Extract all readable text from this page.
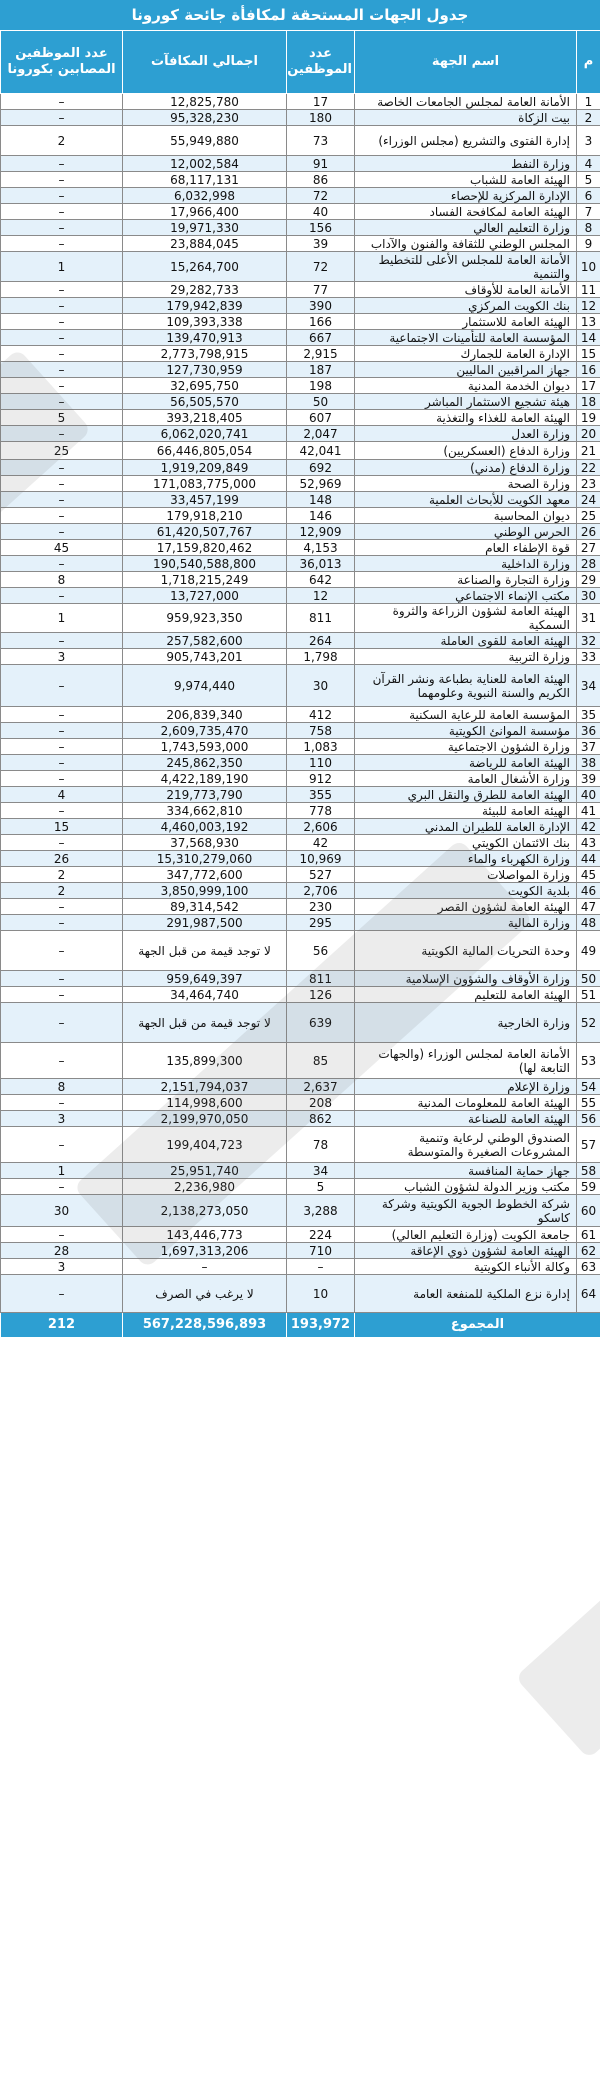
جدول الجهات المستحقة لمكافأة جائحة كورونا
م	اسم الجهة	عدد الموظفين	اجمالي المكافآت	عدد الموظفين المصابين بكورونا
1	الأمانة العامة لمجلس الجامعات الخاصة	17	12,825,780	–
2	بيت الزكاة	180	95,328,230	–
3	إدارة الفتوى والتشريع (مجلس الوزراء)	73	55,949,880	2
4	وزارة النفط	91	12,002,584	–
5	الهيئة العامة للشباب	86	68,117,131	–
6	الإدارة المركزية للإحصاء	72	6,032,998	–
7	الهيئة العامة لمكافحة الفساد	40	17,966,400	–
8	وزارة التعليم العالي	156	19,971,330	–
9	المجلس الوطني للثقافة والفنون والآداب	39	23,884,045	–
10	الأمانة العامة للمجلس الأعلى للتخطيط والتنمية	72	15,264,700	1
11	الأمانة العامة للأوقاف	77	29,282,733	–
12	بنك الكويت المركزي	390	179,942,839	–
13	الهيئة العامة للاستثمار	166	109,393,338	–
14	المؤسسة العامة للتأمينات الاجتماعية	667	139,470,913	–
15	الإدارة العامة للجمارك	2,915	2,773,798,915	–
16	جهاز المراقبين الماليين	187	127,730,959	–
17	ديوان الخدمة المدنية	198	32,695,750	–
18	هيئة تشجيع الاستثمار المباشر	50	56,505,570	–
19	الهيئة العامة للغذاء والتغذية	607	393,218,405	5
20	وزارة العدل	2,047	6,062,020,741	–
21	وزارة الدفاع (العسكريين)	42,041	66,446,805,054	25
22	وزارة الدفاع (مدني)	692	1,919,209,849	–
23	وزارة الصحة	52,969	171,083,775,000	–
24	معهد الكويت للأبحاث العلمية	148	33,457,199	–
25	ديوان المحاسبة	146	179,918,210	–
26	الحرس الوطني	12,909	61,420,507,767	–
27	قوة الإطفاء العام	4,153	17,159,820,462	45
28	وزارة الداخلية	36,013	190,540,588,800	–
29	وزارة التجارة والصناعة	642	1,718,215,249	8
30	مكتب الإنماء الاجتماعي	12	13,727,000	–
31	الهيئة العامة لشؤون الزراعة والثروة السمكية	811	959,923,350	1
32	الهيئة العامة للقوى العاملة	264	257,582,600	–
33	وزارة التربية	1,798	905,743,201	3
34	الهيئة العامة للعناية بطباعة ونشر القرآن الكريم والسنة النبوية وعلومهما	30	9,974,440	–
35	المؤسسة العامة للرعاية السكنية	412	206,839,340	–
36	مؤسسة الموانئ الكويتية	758	2,609,735,470	–
37	وزارة الشؤون الاجتماعية	1,083	1,743,593,000	–
38	الهيئة العامة للرياضة	110	245,862,350	–
39	وزارة الأشغال العامة	912	4,422,189,190	–
40	الهيئة العامة للطرق والنقل البري	355	219,773,790	4
41	الهيئة العامة للبيئة	778	334,662,810	–
42	الإدارة العامة للطيران المدني	2,606	4,460,003,192	15
43	بنك الائتمان الكويتي	42	37,568,930	–
44	وزارة الكهرباء والماء	10,969	15,310,279,060	26
45	وزارة المواصلات	527	347,772,600	2
46	بلدية الكويت	2,706	3,850,999,100	2
47	الهيئة العامة لشؤون القصر	230	89,314,542	–
48	وزارة المالية	295	291,987,500	–
49	وحدة التحريات المالية الكويتية	56	لا توجد قيمة من قبل الجهة	–
50	وزارة الأوقاف والشؤون الإسلامية	811	959,649,397	–
51	الهيئة العامة للتعليم	126	34,464,740	–
52	وزارة الخارجية	639	لا توجد قيمة من قبل الجهة	–
53	الأمانة العامة لمجلس الوزراء (والجهات التابعة لها)	85	135,899,300	–
54	وزارة الإعلام	2,637	2,151,794,037	8
55	الهيئة العامة للمعلومات المدنية	208	114,998,600	–
56	الهيئة العامة للصناعة	862	2,199,970,050	3
57	الصندوق الوطني لرعاية وتنمية المشروعات الصغيرة والمتوسطة	78	199,404,723	–
58	جهاز حماية المنافسة	34	25,951,740	1
59	مكتب وزير الدولة لشؤون الشباب	5	2,236,980	–
60	شركة الخطوط الجوية الكويتية وشركة كاسكو	3,288	2,138,273,050	30
61	جامعة الكويت (وزارة التعليم العالي)	224	143,446,773	–
62	الهيئة العامة لشؤون ذوي الإعاقة	710	1,697,313,206	28
63	وكالة الأنباء الكويتية	–	–	3
64	إدارة نزع الملكية للمنفعة العامة	10	لا يرغب في الصرف	–
المجموع		193,972	567,228,596,893	212
